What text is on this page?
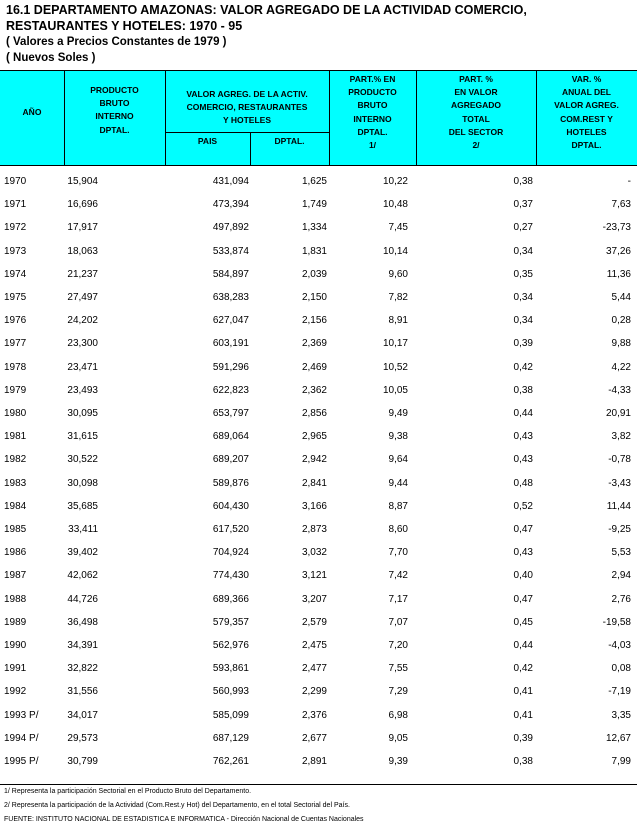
16.1 DEPARTAMENTO AMAZONAS: VALOR AGREGADO DE LA ACTIVIDAD COMERCIO,
RESTAURANTES Y HOTELES: 1970 - 95
( Valores a Precios Constantes de 1979 )
( Nuevos Soles )
AÑO
PRODUCTO
BRUTO
INTERNO
DPTAL.
VALOR AGREG. DE LA ACTIV.
COMERCIO, RESTAURANTES
Y HOTELES
PAIS	DPTAL.
PART.% EN
PRODUCTO
BRUTO
INTERNO
DPTAL.
1/
PART. %
EN VALOR
AGREGADO
TOTAL
DEL SECTOR
2/
VAR. %
ANUAL DEL
VALOR AGREG.
COM.REST Y
HOTELES
DPTAL.
1970	15,904	431,094	1,625	10,22	0,38	-
1971	16,696	473,394	1,749	10,48	0,37	7,63
1972	17,917	497,892	1,334	7,45	0,27	-23,73
1973	18,063	533,874	1,831	10,14	0,34	37,26
1974	21,237	584,897	2,039	9,60	0,35	11,36
1975	27,497	638,283	2,150	7,82	0,34	5,44
1976	24,202	627,047	2,156	8,91	0,34	0,28
1977	23,300	603,191	2,369	10,17	0,39	9,88
1978	23,471	591,296	2,469	10,52	0,42	4,22
1979	23,493	622,823	2,362	10,05	0,38	-4,33
1980	30,095	653,797	2,856	9,49	0,44	20,91
1981	31,615	689,064	2,965	9,38	0,43	3,82
1982	30,522	689,207	2,942	9,64	0,43	-0,78
1983	30,098	589,876	2,841	9,44	0,48	-3,43
1984	35,685	604,430	3,166	8,87	0,52	11,44
1985	33,411	617,520	2,873	8,60	0,47	-9,25
1986	39,402	704,924	3,032	7,70	0,43	5,53
1987	42,062	774,430	3,121	7,42	0,40	2,94
1988	44,726	689,366	3,207	7,17	0,47	2,76
1989	36,498	579,357	2,579	7,07	0,45	-19,58
1990	34,391	562,976	2,475	7,20	0,44	-4,03
1991	32,822	593,861	2,477	7,55	0,42	0,08
1992	31,556	560,993	2,299	7,29	0,41	-7,19
1993 P/	34,017	585,099	2,376	6,98	0,41	3,35
1994 P/	29,573	687,129	2,677	9,05	0,39	12,67
1995 P/	30,799	762,261	2,891	9,39	0,38	7,99
1/ Representa la participación Sectorial en el Producto Bruto del Departamento.
2/ Representa la participación de la Actividad (Com.Rest.y Hot) del Departamento, en el total Sectorial del País.
FUENTE: INSTITUTO NACIONAL DE ESTADISTICA E INFORMATICA - Dirección Nacional de Cuentas Nacionales
